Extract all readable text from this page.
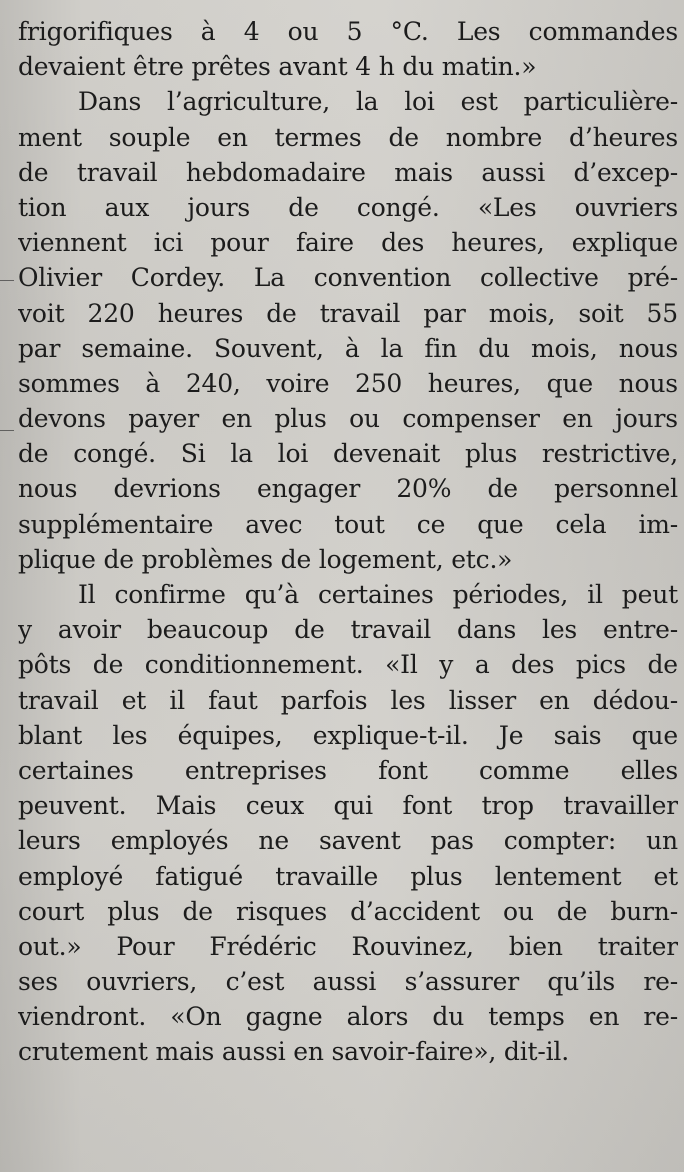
frigorifiques à 4 ou 5 °C. Les commandes
devaient être prêtes avant 4 h du matin.»
Dans l’agriculture, la loi est particulière-
ment souple en termes de nombre d’heures
de travail hebdomadaire mais aussi d’excep-
tion aux jours de congé. «Les ouvriers
viennent ici pour faire des heures, explique
Olivier Cordey. La convention collective pré-
voit 220 heures de travail par mois, soit 55
par semaine. Souvent, à la fin du mois, nous
sommes à 240, voire 250 heures, que nous
devons payer en plus ou compenser en jours
de congé. Si la loi devenait plus restrictive,
nous devrions engager 20% de personnel
supplémentaire avec tout ce que cela im-
plique de problèmes de logement, etc.»
Il confirme qu’à certaines périodes, il peut
y avoir beaucoup de travail dans les entre-
pôts de conditionnement. «Il y a des pics de
travail et il faut parfois les lisser en dédou-
blant les équipes, explique-t-il. Je sais que
certaines entreprises font comme elles
peuvent. Mais ceux qui font trop travailler
leurs employés ne savent pas compter: un
employé fatigué travaille plus lentement et
court plus de risques d’accident ou de burn-
out.» Pour Frédéric Rouvinez, bien traiter
ses ouvriers, c’est aussi s’assurer qu’ils re-
viendront. «On gagne alors du temps en re-
crutement mais aussi en savoir-faire», dit-il.
